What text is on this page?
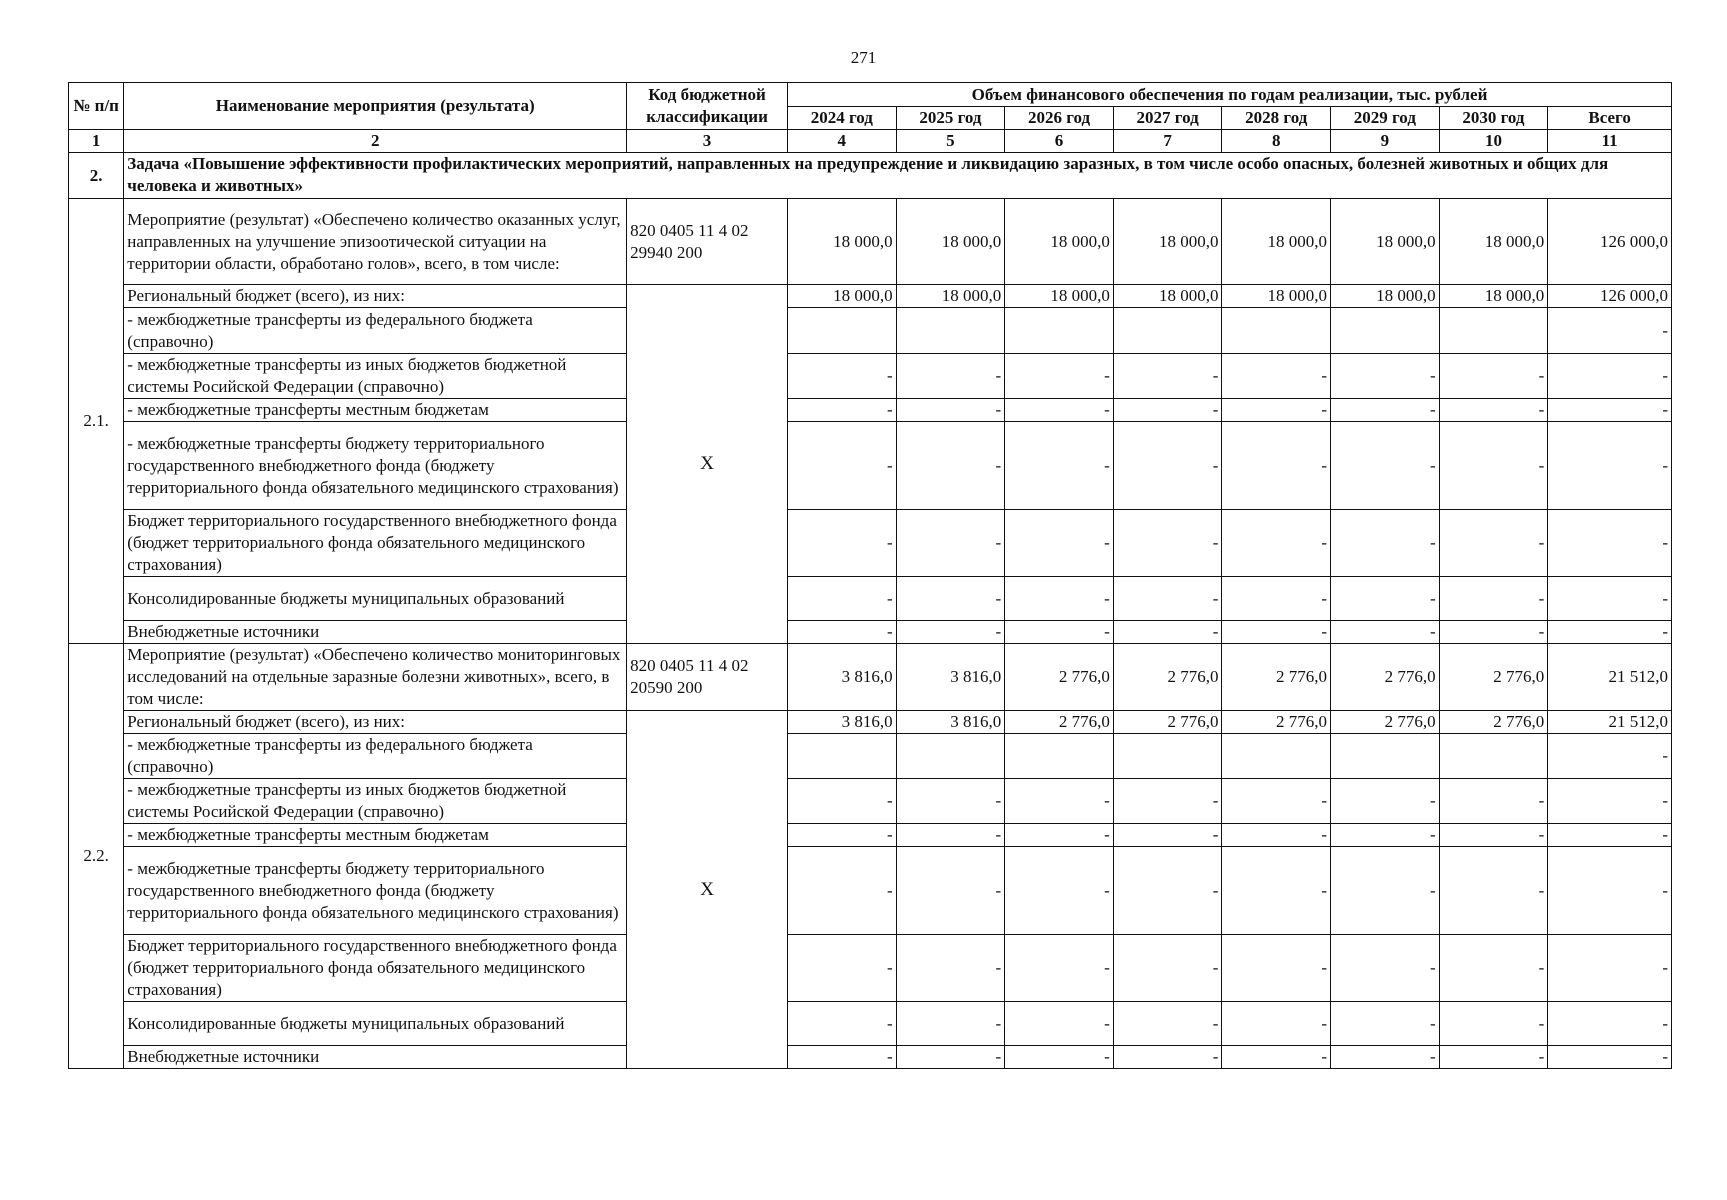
271
№ п/п	Наименование мероприятия (результата)	Код бюджетной классификации	Объем финансового обеспечения по годам реализации, тыс. рублей							
			2024 год	2025 год	2026 год	2027 год	2028 год	2029 год	2030 год	Всего
1	2	3	4	5	6	7	8	9	10	11
2.	Задача «Повышение эффективности профилактических мероприятий, направленных на предупреждение и ликвидацию заразных, в том числе особо опасных, болезней животных и общих для человека и животных»									
2.1.	Мероприятие (результат) «Обеспечено количество оказанных услуг, направленных на улучшение эпизоотической ситуации на территории области, обработано голов», всего, в том числе:	820 0405 11 4 02 29940 200	18 000,0	18 000,0	18 000,0	18 000,0	18 000,0	18 000,0	18 000,0	126 000,0
	Региональный бюджет (всего), из них:	Х	18 000,0	18 000,0	18 000,0	18 000,0	18 000,0	18 000,0	18 000,0	126 000,0
	- межбюджетные трансферты из федерального бюджета (справочно)									-
	- межбюджетные трансферты из иных бюджетов бюджетной системы Росийской Федерации (справочно)		-	-	-	-	-	-	-	-
	- межбюджетные трансферты местным бюджетам		-	-	-	-	-	-	-	-
	- межбюджетные трансферты бюджету территориального государственного внебюджетного фонда (бюджету территориального фонда обязательного медицинского страхования)		-	-	-	-	-	-	-	-
	Бюджет территориального государственного внебюджетного фонда (бюджет территориального фонда обязательного медицинского страхования)		-	-	-	-	-	-	-	-
	Консолидированные бюджеты муниципальных образований		-	-	-	-	-	-	-	-
	Внебюджетные источники		-	-	-	-	-	-	-	-
2.2.	Мероприятие (результат) «Обеспечено количество мониторинговых исследований на отдельные заразные болезни животных», всего, в том числе:	820 0405 11 4 02 20590 200	3 816,0	3 816,0	2 776,0	2 776,0	2 776,0	2 776,0	2 776,0	21 512,0
	Региональный бюджет (всего), из них:	Х	3 816,0	3 816,0	2 776,0	2 776,0	2 776,0	2 776,0	2 776,0	21 512,0
	- межбюджетные трансферты из федерального бюджета (справочно)									-
	- межбюджетные трансферты из иных бюджетов бюджетной системы Росийской Федерации (справочно)		-	-	-	-	-	-	-	-
	- межбюджетные трансферты местным бюджетам		-	-	-	-	-	-	-	-
	- межбюджетные трансферты бюджету территориального государственного внебюджетного фонда (бюджету территориального фонда обязательного медицинского страхования)		-	-	-	-	-	-	-	-
	Бюджет территориального государственного внебюджетного фонда (бюджет территориального фонда обязательного медицинского страхования)		-	-	-	-	-	-	-	-
	Консолидированные бюджеты муниципальных образований		-	-	-	-	-	-	-	-
	Внебюджетные источники		-	-	-	-	-	-	-	-
